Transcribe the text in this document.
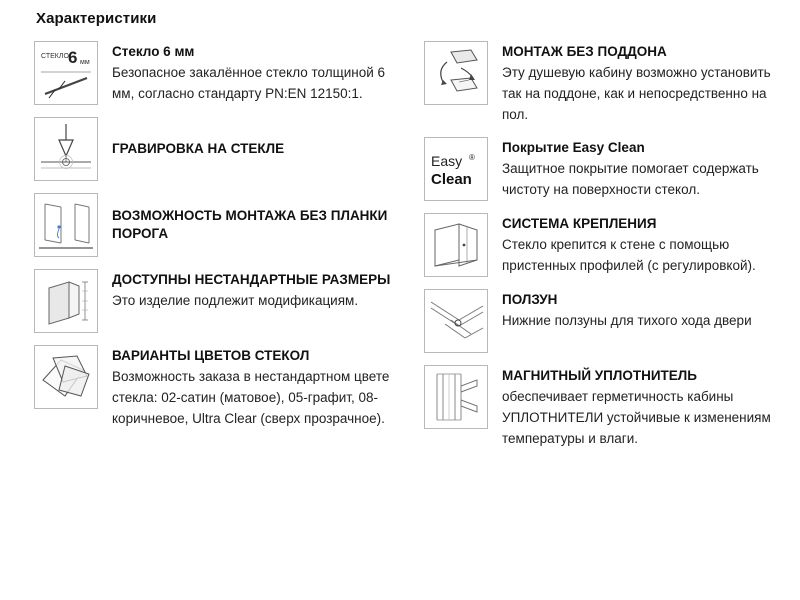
Характеристики
СТЕКЛО 6 мм
Стекло 6 мм
Безопасное закалённое стекло толщиной 6 мм, согласно стандарту PN:EN 12150:1.
ГРАВИРОВКА НА СТЕКЛЕ
ВОЗМОЖНОСТЬ МОНТАЖА БЕЗ ПЛАНКИ ПОРОГА
ДОСТУПНЫ НЕСТАНДАРТНЫЕ РАЗМЕРЫ
Это изделие подлежит модификациям.
ВАРИАНТЫ ЦВЕТОВ СТЕКОЛ
Возможность заказа в нестандартном цвете стекла: 02-сатин (матовое), 05-графит, 08-коричневое, Ultra Clear (сверх прозрачное).
МОНТАЖ БЕЗ ПОДДОНА
Эту душевую кабину возможно установить так на поддоне, как и непосредственно на пол.
Easy ®
Clean
Покрытие Easy Clean
Защитное покрытие помогает содержать чистоту на поверхности стекол.
СИСТЕМА КРЕПЛЕНИЯ
Стекло крепится к стене с помощью пристенных профилей (с регулировкой).
ПОЛЗУН
Нижние ползуны для тихого хода двери
МАГНИТНЫЙ УПЛОТНИТЕЛЬ
обеспечивает герметичность кабины УПЛОТНИТЕЛИ устойчивые к изменениям температуры и влаги.
